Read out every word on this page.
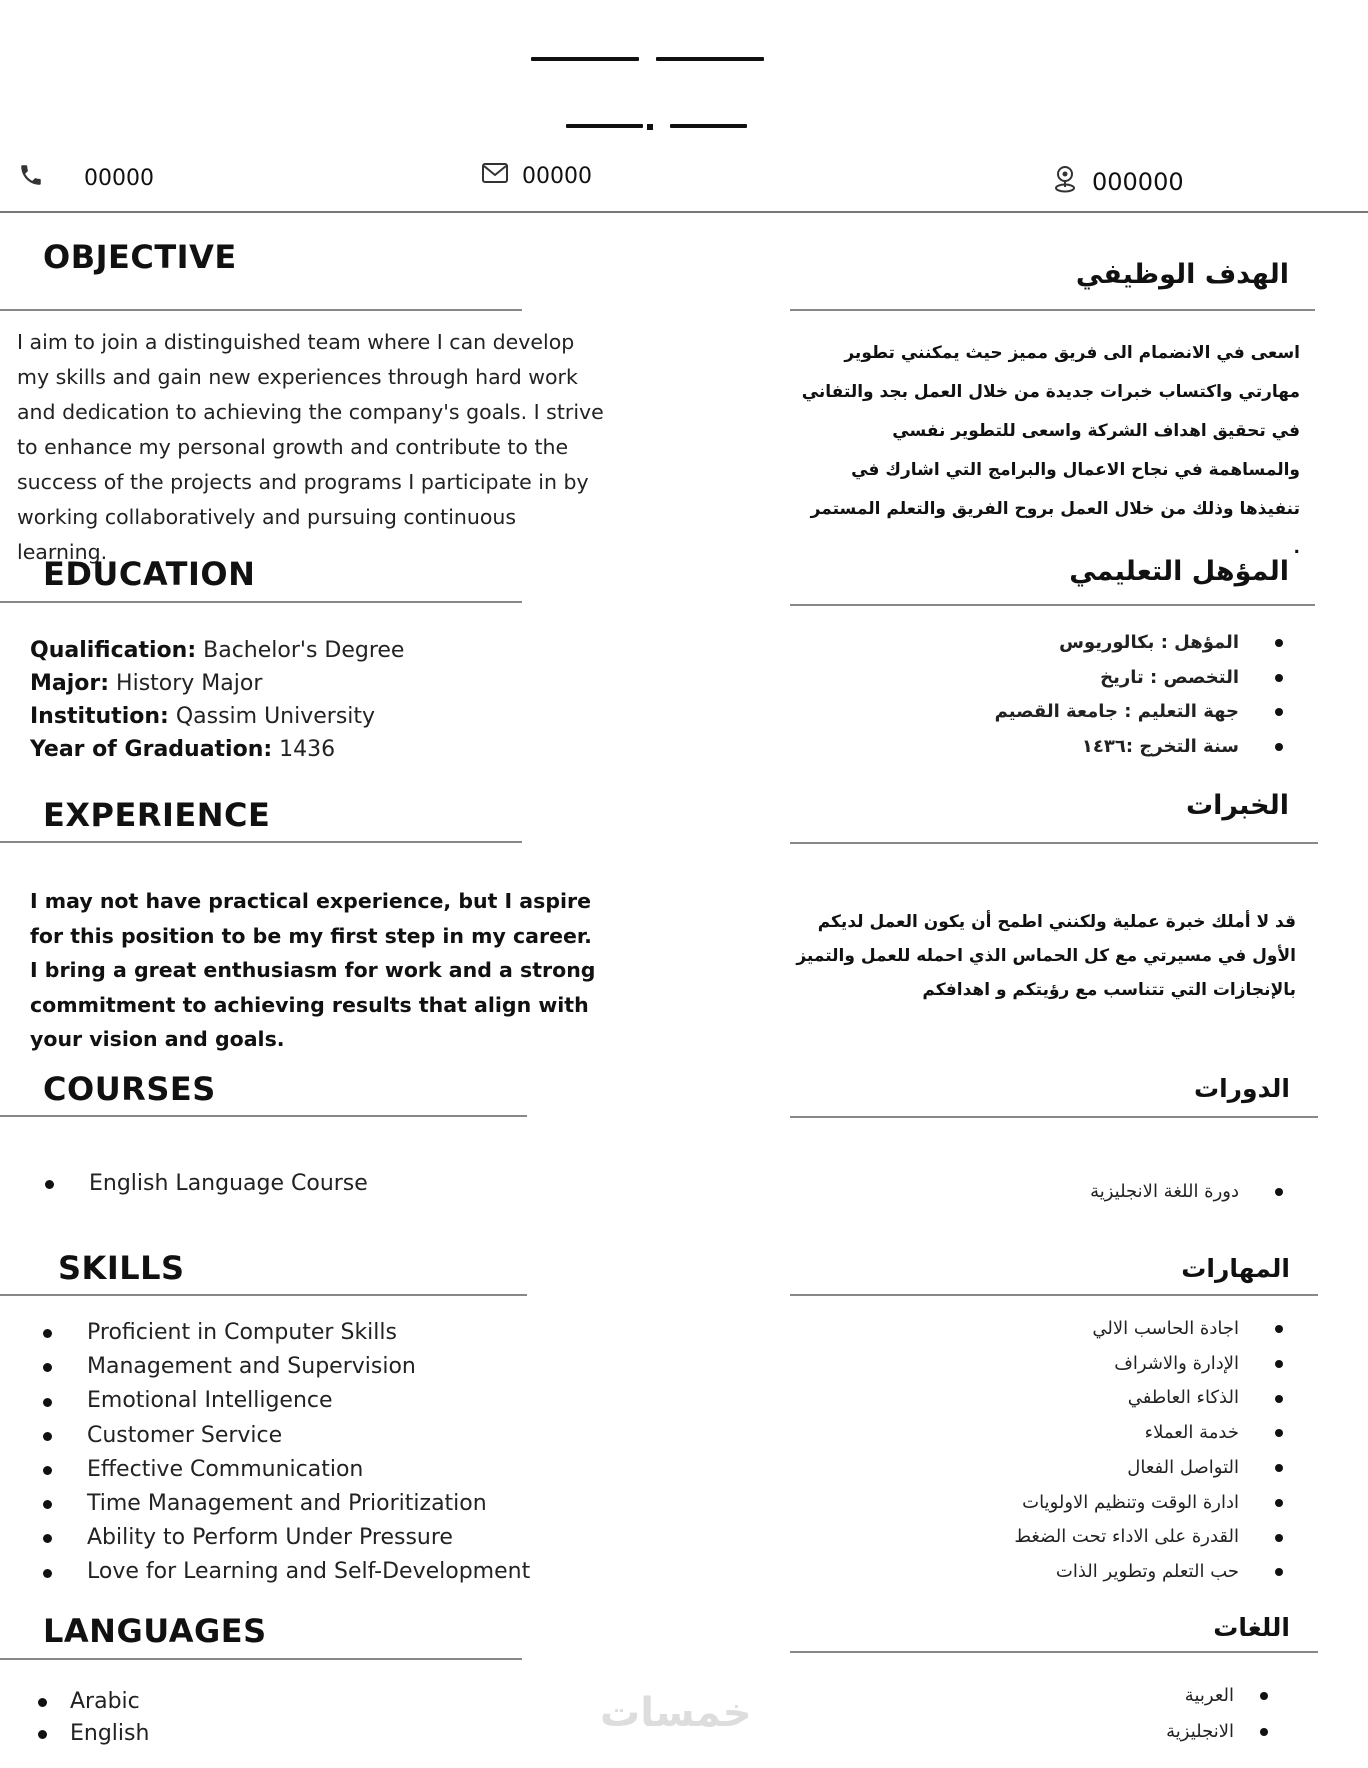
00000	00000	000000
OBJECTIVE
I aim to join a distinguished team where I can develop my skills and gain new experiences through hard work and dedication to achieving the company's goals. I strive to enhance my personal growth and contribute to the success of the projects and programs I participate in by working collaboratively and pursuing continuous learning.
EDUCATION
Qualification: Bachelor's Degree
Major: History Major
Institution: Qassim University
Year of Graduation: 1436
EXPERIENCE
I may not have practical experience, but I aspire for this position to be my first step in my career. I bring a great enthusiasm for work and a strong commitment to achieving results that align with your vision and goals.
COURSES
English Language Course
SKILLS
Proficient in Computer Skills
Management and Supervision
Emotional Intelligence
Customer Service
Effective Communication
Time Management and Prioritization
Ability to Perform Under Pressure
Love for Learning and Self-Development
LANGUAGES
Arabic
English
الهدف الوظيفي
اسعى في الانضمام الى فريق مميز حيث يمكنني تطوير مهارتي واكتساب خبرات جديدة من خلال العمل بجد والتفاني في تحقيق اهداف الشركة واسعى للتطوير نفسي والمساهمة في نجاح الاعمال والبرامج التي اشارك في تنفيذها وذلك من خلال العمل بروح الفريق والتعلم المستمر .
المؤهل التعليمي
المؤهل : بكالوريوس
التخصص : تاريخ
جهة التعليم : جامعة القصيم
سنة التخرج :١٤٣٦
الخبرات
قد لا أملك خبرة عملية ولكنني اطمح أن يكون العمل لديكم الأول في مسيرتي مع كل الحماس الذي احمله للعمل والتميز بالإنجازات التي تتناسب مع رؤيتكم و اهدافكم
الدورات
دورة اللغة الانجليزية
المهارات
اجادة الحاسب الالي
الإدارة والاشراف
الذكاء العاطفي
خدمة العملاء
التواصل الفعال
ادارة الوقت وتنظيم الاولويات
القدرة على الاداء تحت الضغط
حب التعلم وتطوير الذات
اللغات
العربية
الانجليزية
خمسات
